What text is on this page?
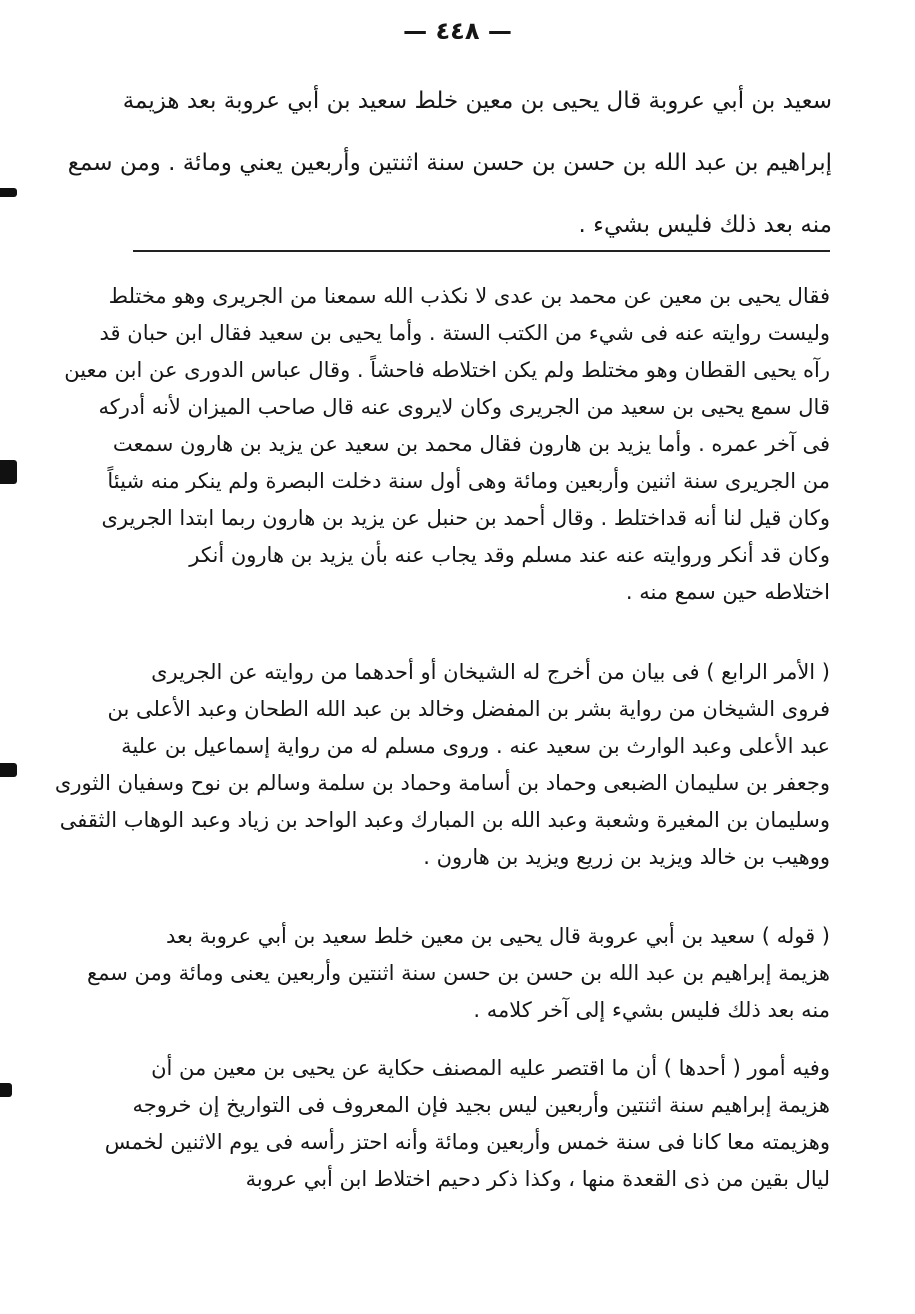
— ٤٤٨ —
سعيد بن أبي عروبة قال يحيى بن معين خلط سعيد بن أبي عروبة بعد هزيمة
إبراهيم بن عبد الله بن حسن بن حسن سنة اثنتين وأربعين يعني ومائة . ومن سمع
منه بعد ذلك فليس بشيء .
فقال يحيى بن معين عن محمد بن عدى لا نكذب الله سمعنا من الجريرى وهو مختلط
وليست روايته عنه فى شيء من الكتب الستة . وأما يحيى بن سعيد فقال ابن حبان قد
رآه يحيى القطان وهو مختلط ولم يكن اختلاطه فاحشاً . وقال عباس الدورى عن ابن معين
قال سمع يحيى بن سعيد من الجريرى وكان لايروى عنه قال صاحب الميزان لأنه أدركه
فى آخر عمره . وأما يزيد بن هارون فقال محمد بن سعيد عن يزيد بن هارون سمعت
من الجريرى سنة اثنين وأربعين ومائة وهى أول سنة دخلت البصرة ولم ينكر منه شيئاً
وكان قيل لنا أنه قداختلط . وقال أحمد بن حنبل عن يزيد بن هارون ربما ابتدا الجريرى
وكان قد أنكر وروايته عنه عند مسلم وقد يجاب عنه بأن يزيد بن هارون أنكر
اختلاطه حين سمع منه .
( الأمر الرابع ) فى بيان من أخرج له الشيخان أو أحدهما من روايته عن الجريرى
فروى الشيخان من رواية بشر بن المفضل وخالد بن عبد الله الطحان وعبد الأعلى بن
عبد الأعلى وعبد الوارث بن سعيد عنه . وروى مسلم له من رواية إسماعيل بن علية
وجعفر بن سليمان الضبعى وحماد بن أسامة وحماد بن سلمة وسالم بن نوح وسفيان الثورى
وسليمان بن المغيرة وشعبة وعبد الله بن المبارك وعبد الواحد بن زياد وعبد الوهاب الثقفى
ووهيب بن خالد ويزيد بن زريع ويزيد بن هارون .
( قوله ) سعيد بن أبي عروبة قال يحيى بن معين خلط سعيد بن أبي عروبة بعد
هزيمة إبراهيم بن عبد الله بن حسن بن حسن سنة اثنتين وأربعين يعنى ومائة ومن سمع
منه بعد ذلك فليس بشيء إلى آخر كلامه .
وفيه أمور ( أحدها ) أن ما اقتصر عليه المصنف حكاية عن يحيى بن معين من أن
هزيمة إبراهيم سنة اثنتين وأربعين ليس بجيد فإن المعروف فى التواريخ إن خروجه
وهزيمته معا كانا فى سنة خمس وأربعين ومائة وأنه احتز رأسه فى يوم الاثنين لخمس
ليال بقين من ذى القعدة منها ، وكذا ذكر دحيم اختلاط ابن أبي عروبة
